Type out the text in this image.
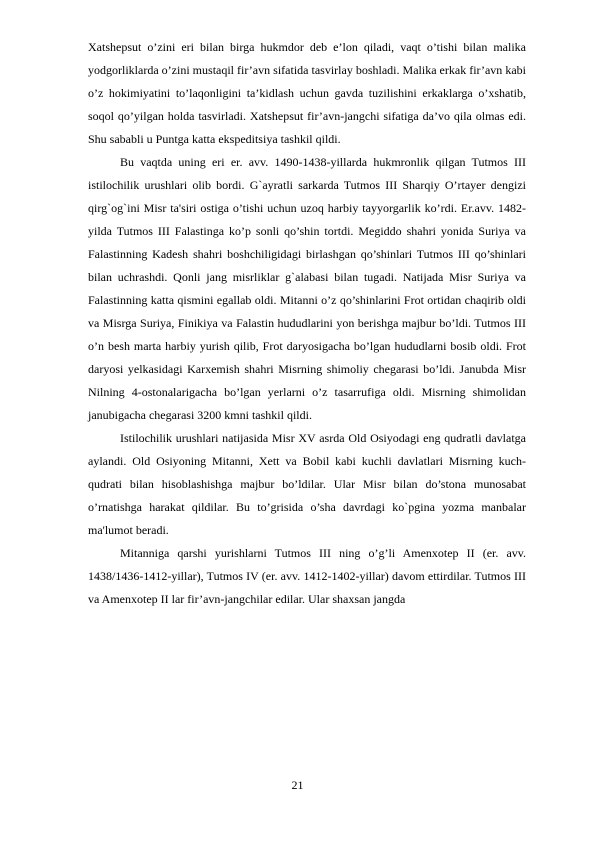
Xatshepsut o’zini eri bilan birga hukmdor deb e’lon qiladi, vaqt o’tishi bilan malika yodgorliklarda o’zini mustaqil fir’avn sifatida tasvirlay boshladi. Malika erkak fir’avn kabi o’z hokimiyatini to’laqonligini ta’kidlash uchun gavda tuzilishini erkaklarga o’xshatib, soqol qo’yilgan holda tasvirladi. Xatshepsut fir’avn-jangchi sifatiga da’vo qila olmas edi. Shu sababli u Puntga katta ekspeditsiya tashkil qildi.

Bu vaqtda uning eri er. avv. 1490-1438-yillarda hukmronlik qilgan Tutmos III istilochilik urushlari olib bordi. G`ayratli sarkarda Tutmos III Sharqiy O’rtayer dengizi qirg`og`ini Misr ta'siri ostiga o’tishi uchun uzoq harbiy tayyorgarlik ko’rdi. Er.avv. 1482-yilda Tutmos III Falastinga ko’p sonli qo’shin tortdi. Megiddo shahri yonida Suriya va Falastinning Kadesh shahri boshchiligidagi birlashgan qo’shinlari Tutmos III qo’shinlari bilan uchrashdi. Qonli jang misrliklar g`alabasi bilan tugadi. Natijada Misr Suriya va Falastinning katta qismini egallab oldi. Mitanni o’z qo’shinlarini Frot ortidan chaqirib oldi va Misrga Suriya, Finikiya va Falastin hududlarini yon berishga majbur bo’ldi. Tutmos III o’n besh marta harbiy yurish qilib, Frot daryosigacha bo’lgan hududlarni bosib oldi. Frot daryosi yelkasidagi Karxemish shahri Misrning shimoliy chegarasi bo’ldi. Janubda Misr Nilning 4-ostonalarigacha bo’lgan yerlarni o’z tasarrufiga oldi. Misrning shimolidan janubigacha chegarasi 3200 kmni tashkil qildi.

Istilochilik urushlari natijasida Misr XV asrda Old Osiyodagi eng qudratli davlatga aylandi. Old Osiyoning Mitanni, Xett va Bobil kabi kuchli davlatlari Misrning kuch-qudrati bilan hisoblashishga majbur bo’ldilar. Ular Misr bilan do’stona munosabat o’rnatishga harakat qildilar. Bu to’grisida o’sha davrdagi ko`pgina yozma manbalar ma'lumot beradi.

Mitanniga qarshi yurishlarni Tutmos III ning o’g’li Amenxotep II (er. avv. 1438/1436-1412-yillar), Tutmos IV (er. avv. 1412-1402-yillar) davom ettirdilar. Tutmos III va Amenxotep II lar fir’avn-jangchilar edilar. Ular shaxsan jangda

21
